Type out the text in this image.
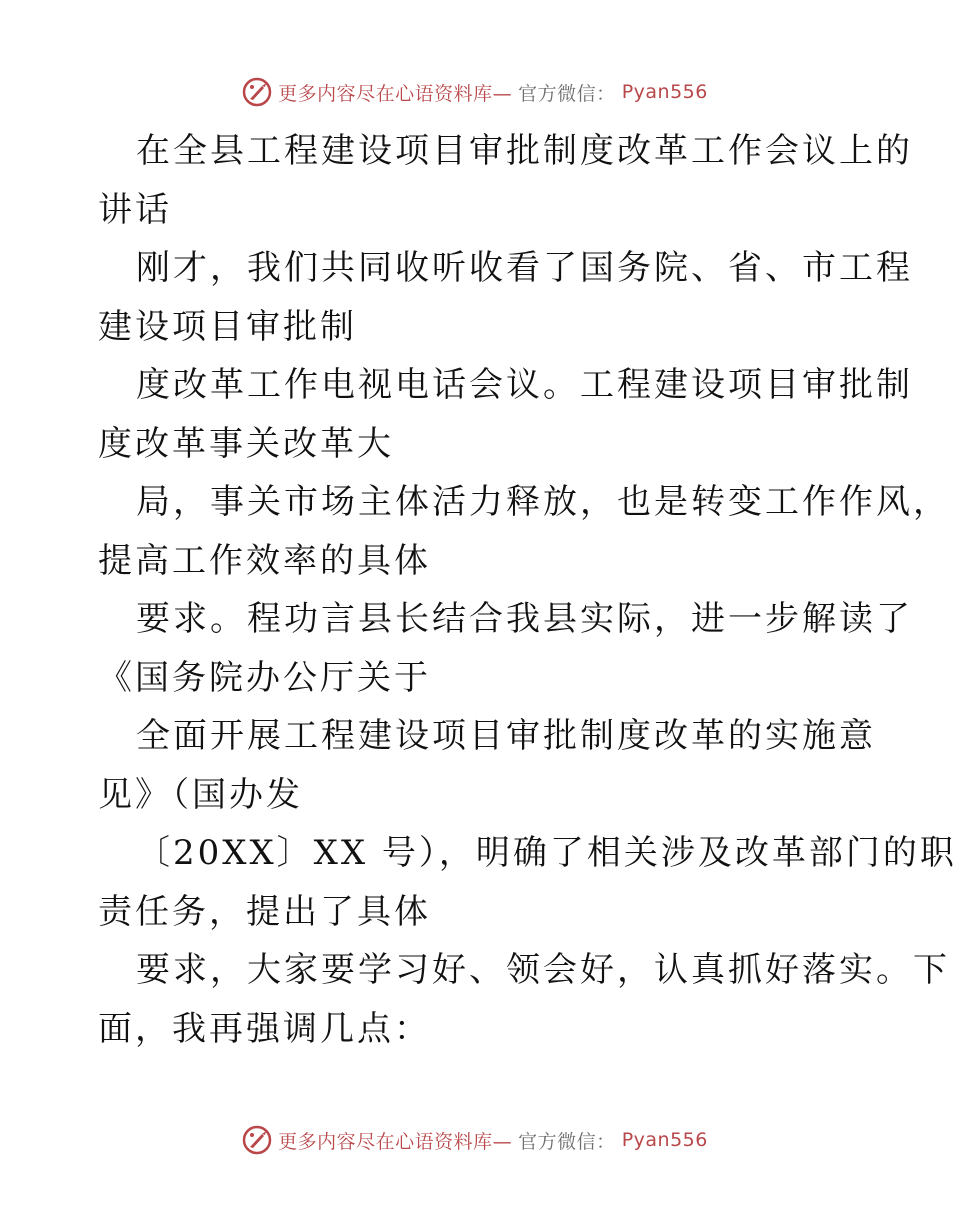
更多内容尽在心语资料库— 官方微信： Pyan556
在全县工程建设项目审批制度改革工作会议上的
讲话
刚才，我们共同收听收看了国务院、省、市工程
建设项目审批制
度改革工作电视电话会议。工程建设项目审批制
度改革事关改革大
局，事关市场主体活力释放，也是转变工作作风，
提高工作效率的具体
要求。程功言县长结合我县实际，进一步解读了
《国务院办公厅关于
全面开展工程建设项目审批制度改革的实施意
见》（国办发
〔20XX〕XX 号），明确了相关涉及改革部门的职
责任务，提出了具体
要求，大家要学习好、领会好，认真抓好落实。下
面，我再强调几点：
更多内容尽在心语资料库— 官方微信： Pyan556
